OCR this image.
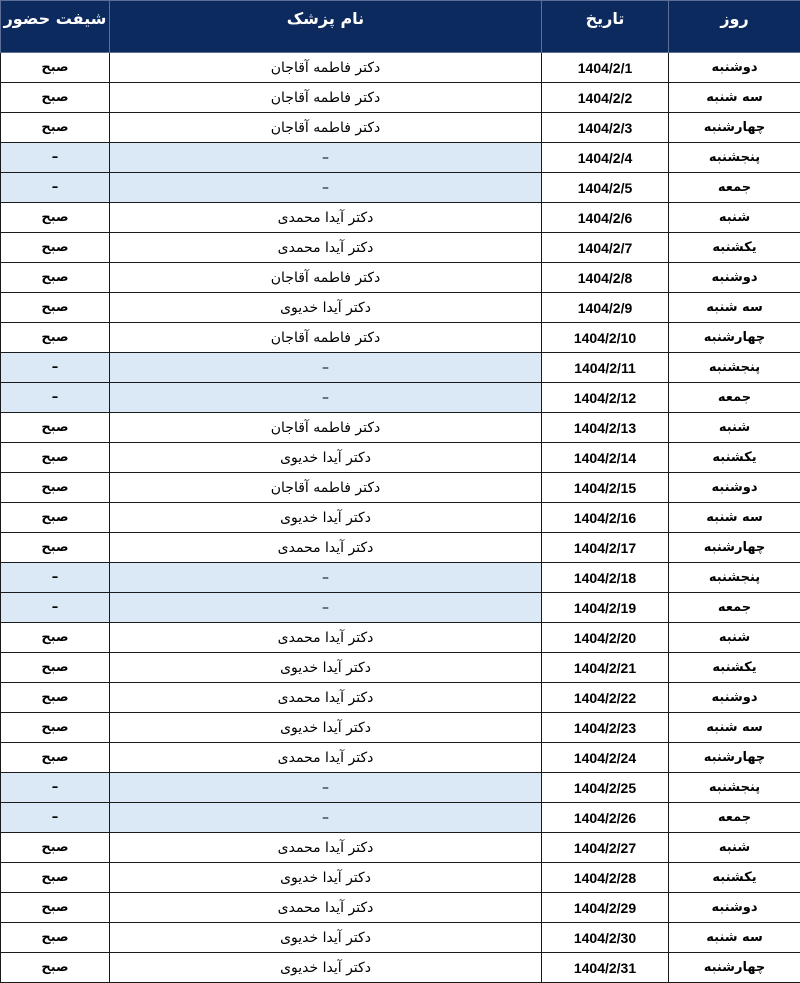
روز	تاریخ	نام پزشک	شیفت حضور
دوشنبه	1404/2/1	دکتر فاطمه آقاجان	صبح
سه شنبه	1404/2/2	دکتر فاطمه آقاجان	صبح
چهارشنبه	1404/2/3	دکتر فاطمه آقاجان	صبح
پنجشنبه	1404/2/4	–	–
جمعه	1404/2/5	–	–
شنبه	1404/2/6	دکتر آیدا محمدی	صبح
یکشنبه	1404/2/7	دکتر آیدا محمدی	صبح
دوشنبه	1404/2/8	دکتر فاطمه آقاجان	صبح
سه شنبه	1404/2/9	دکتر آیدا خدیوی	صبح
چهارشنبه	1404/2/10	دکتر فاطمه آقاجان	صبح
پنجشنبه	1404/2/11	–	–
جمعه	1404/2/12	–	–
شنبه	1404/2/13	دکتر فاطمه آقاجان	صبح
یکشنبه	1404/2/14	دکتر آیدا خدیوی	صبح
دوشنبه	1404/2/15	دکتر فاطمه آقاجان	صبح
سه شنبه	1404/2/16	دکتر آیدا خدیوی	صبح
چهارشنبه	1404/2/17	دکتر آیدا محمدی	صبح
پنجشنبه	1404/2/18	–	–
جمعه	1404/2/19	–	–
شنبه	1404/2/20	دکتر آیدا محمدی	صبح
یکشنبه	1404/2/21	دکتر آیدا خدیوی	صبح
دوشنبه	1404/2/22	دکتر آیدا محمدی	صبح
سه شنبه	1404/2/23	دکتر آیدا خدیوی	صبح
چهارشنبه	1404/2/24	دکتر آیدا محمدی	صبح
پنجشنبه	1404/2/25	–	–
جمعه	1404/2/26	–	–
شنبه	1404/2/27	دکتر آیدا محمدی	صبح
یکشنبه	1404/2/28	دکتر آیدا خدیوی	صبح
دوشنبه	1404/2/29	دکتر آیدا محمدی	صبح
سه شنبه	1404/2/30	دکتر آیدا خدیوی	صبح
چهارشنبه	1404/2/31	دکتر آیدا خدیوی	صبح
